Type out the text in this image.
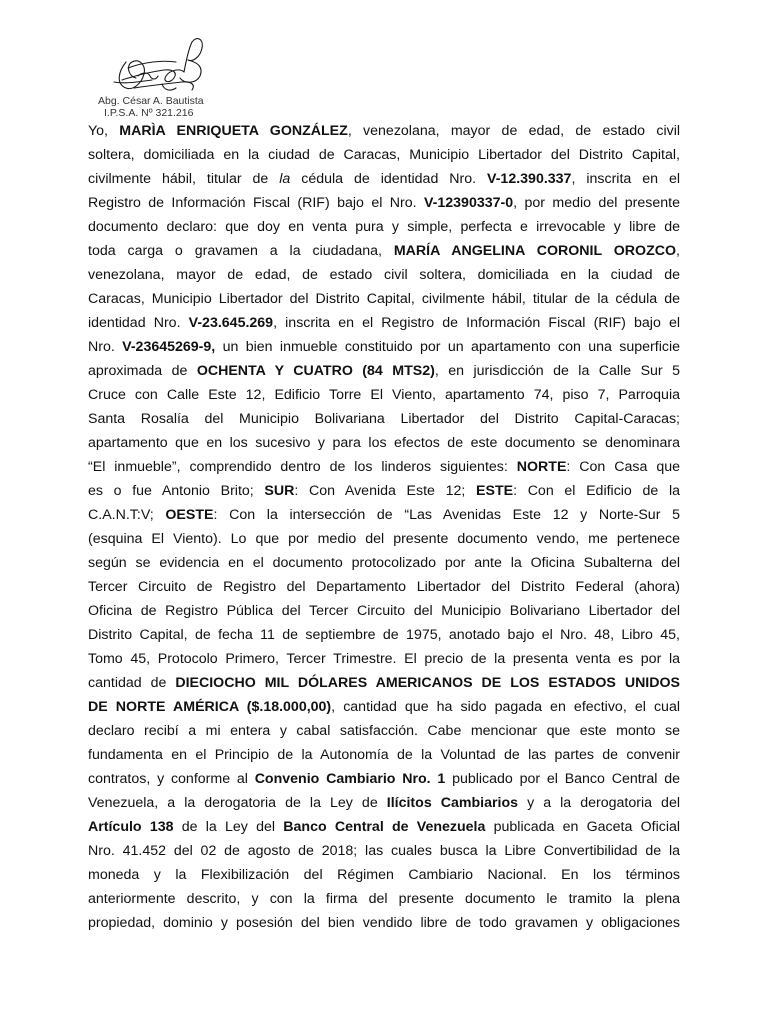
Abg. César A. Bautista
I.P.S.A. Nº 321.216
Yo, MARÌA ENRIQUETA GONZÁLEZ, venezolana, mayor de edad, de estado civil
soltera, domiciliada en la ciudad de Caracas, Municipio Libertador del Distrito Capital,
civilmente hábil, titular de la cédula de identidad Nro. V-12.390.337, inscrita en el
Registro de Información Fiscal (RIF) bajo el Nro. V-12390337-0, por medio del presente
documento declaro: que doy en venta pura y simple, perfecta e irrevocable y libre de
toda carga o gravamen a la ciudadana, MARÍA ANGELINA CORONIL OROZCO,
venezolana, mayor de edad, de estado civil soltera, domiciliada en la ciudad de
Caracas, Municipio Libertador del Distrito Capital, civilmente hábil, titular de la cédula de
identidad Nro. V-23.645.269, inscrita en el Registro de Información Fiscal (RIF) bajo el
Nro. V-23645269-9, un bien inmueble constituido por un apartamento con una superficie
aproximada de OCHENTA Y CUATRO (84 MTS2), en jurisdicción de la Calle Sur 5
Cruce con Calle Este 12, Edificio Torre El Viento, apartamento 74, piso 7, Parroquia
Santa Rosalía del Municipio Bolivariana Libertador del Distrito Capital-Caracas;
apartamento que en los sucesivo y para los efectos de este documento se denominara
“El inmueble”, comprendido dentro de los linderos siguientes: NORTE: Con Casa que
es o fue Antonio Brito; SUR: Con Avenida Este 12; ESTE: Con el Edificio de la
C.A.N.T:V; OESTE: Con la intersección de “Las Avenidas Este 12 y Norte-Sur 5
(esquina El Viento). Lo que por medio del presente documento vendo, me pertenece
según se evidencia en el documento protocolizado por ante la Oficina Subalterna del
Tercer Circuito de Registro del Departamento Libertador del Distrito Federal (ahora)
Oficina de Registro Pública del Tercer Circuito del Municipio Bolivariano Libertador del
Distrito Capital, de fecha 11 de septiembre de 1975, anotado bajo el Nro. 48, Libro 45,
Tomo 45, Protocolo Primero, Tercer Trimestre. El precio de la presenta venta es por la
cantidad de DIECIOCHO MIL DÓLARES AMERICANOS DE LOS ESTADOS UNIDOS
DE NORTE AMÉRICA ($.18.000,00), cantidad que ha sido pagada en efectivo, el cual
declaro recibí a mi entera y cabal satisfacción. Cabe mencionar que este monto se
fundamenta en el Principio de la Autonomía de la Voluntad de las partes de convenir
contratos, y conforme al Convenio Cambiario Nro. 1 publicado por el Banco Central de
Venezuela, a la derogatoria de la Ley de Ilícitos Cambiarios y a la derogatoria del
Artículo 138 de la Ley del Banco Central de Venezuela publicada en Gaceta Oficial
Nro. 41.452 del 02 de agosto de 2018; las cuales busca la Libre Convertibilidad de la
moneda y la Flexibilización del Régimen Cambiario Nacional. En los términos
anteriormente descrito, y con la firma del presente documento le tramito la plena
propiedad, dominio y posesión del bien vendido libre de todo gravamen y obligaciones
